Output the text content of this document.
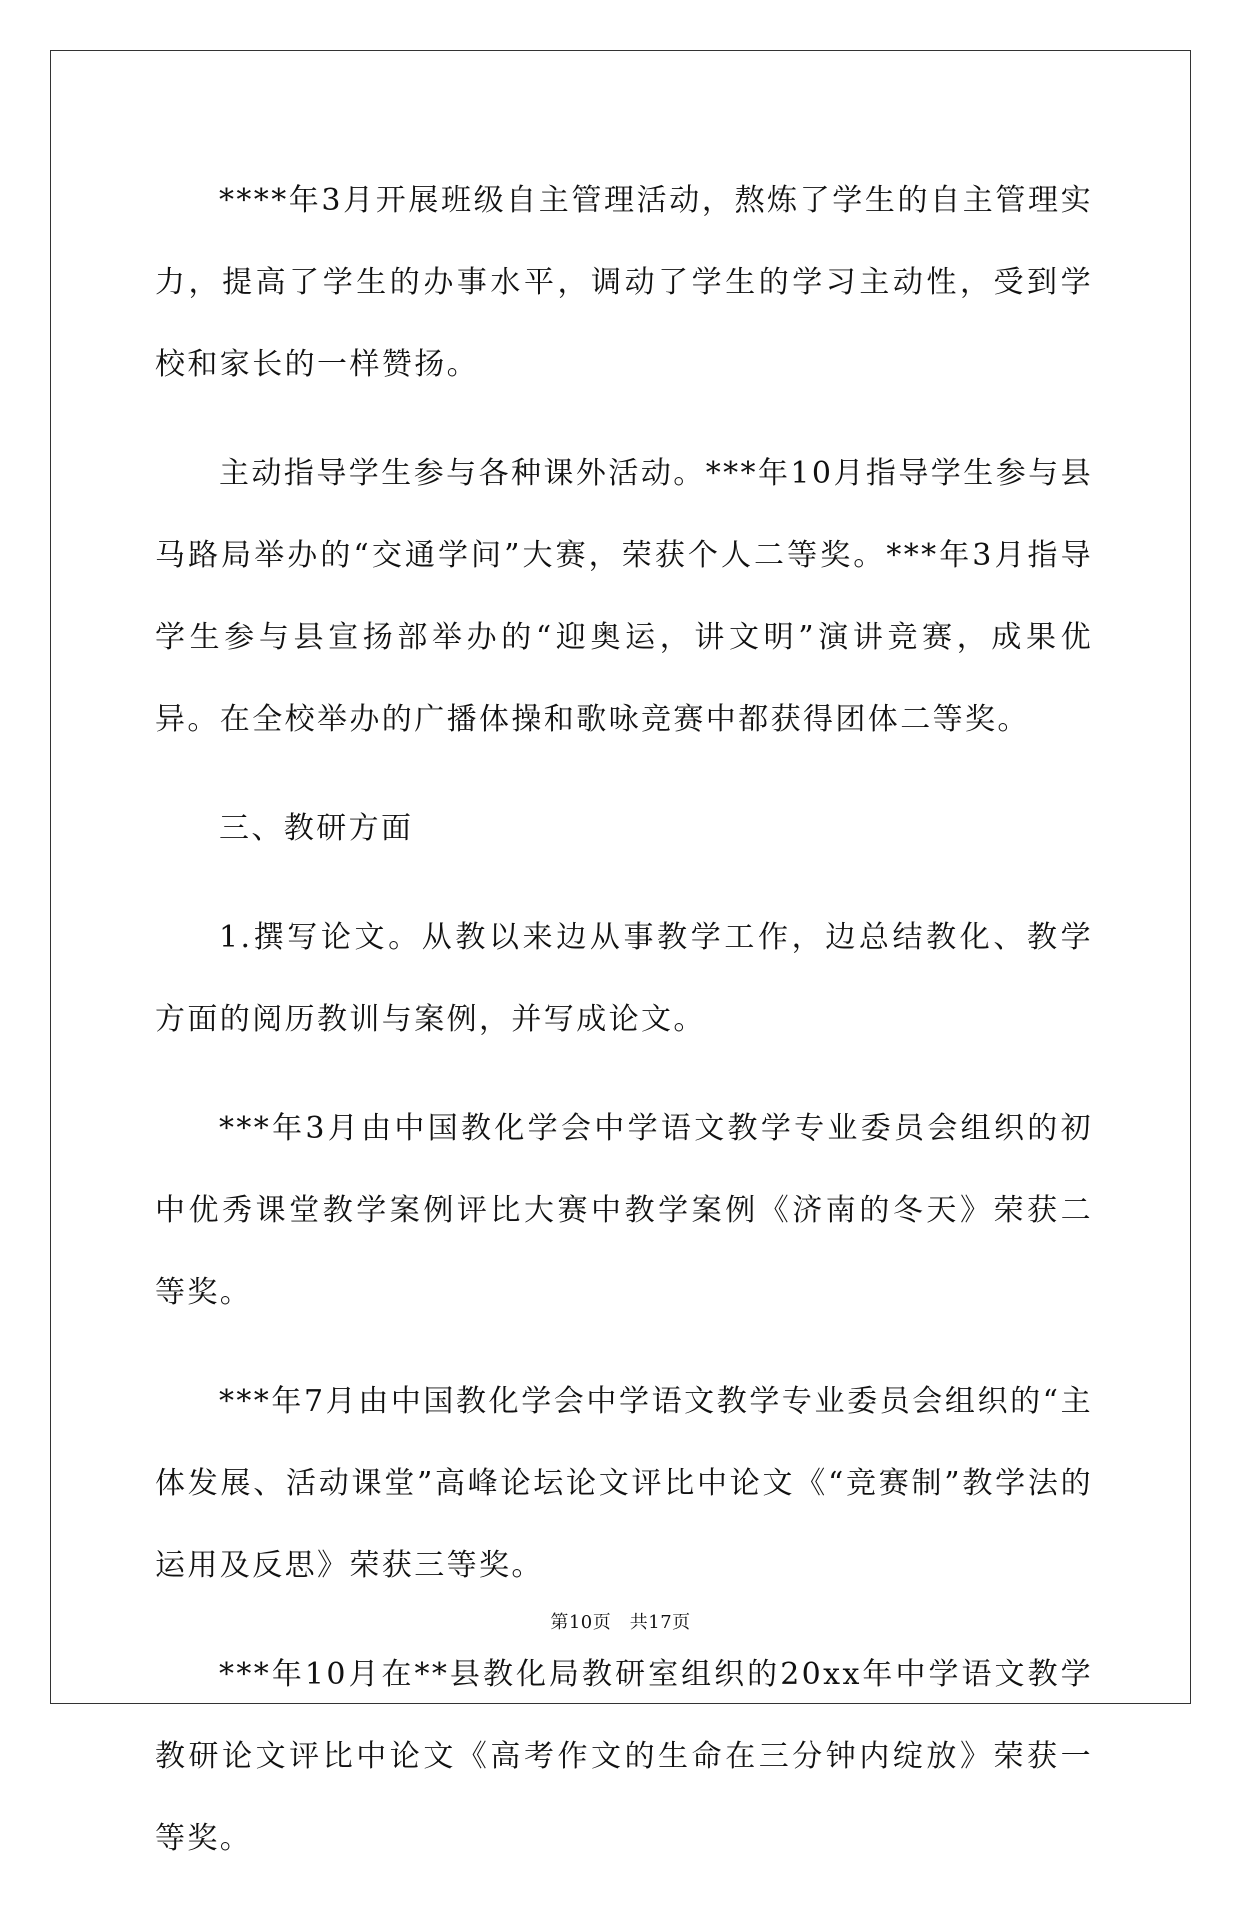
****年3月开展班级自主管理活动，熬炼了学生的自主管理实力，提高了学生的办事水平，调动了学生的学习主动性，受到学校和家长的一样赞扬。

主动指导学生参与各种课外活动。***年10月指导学生参与县马路局举办的“交通学问”大赛，荣获个人二等奖。***年3月指导学生参与县宣扬部举办的“迎奥运，讲文明”演讲竞赛，成果优异。在全校举办的广播体操和歌咏竞赛中都获得团体二等奖。

三、教研方面

1.撰写论文。从教以来边从事教学工作，边总结教化、教学方面的阅历教训与案例，并写成论文。

***年3月由中国教化学会中学语文教学专业委员会组织的初中优秀课堂教学案例评比大赛中教学案例《济南的冬天》荣获二等奖。

***年7月由中国教化学会中学语文教学专业委员会组织的“主体发展、活动课堂”高峰论坛论文评比中论文《“竞赛制”教学法的运用及反思》荣获三等奖。

***年10月在**县教化局教研室组织的20xx年中学语文教学教研论文评比中论文《高考作文的生命在三分钟内绽放》荣获一等奖。

第10页　共17页
